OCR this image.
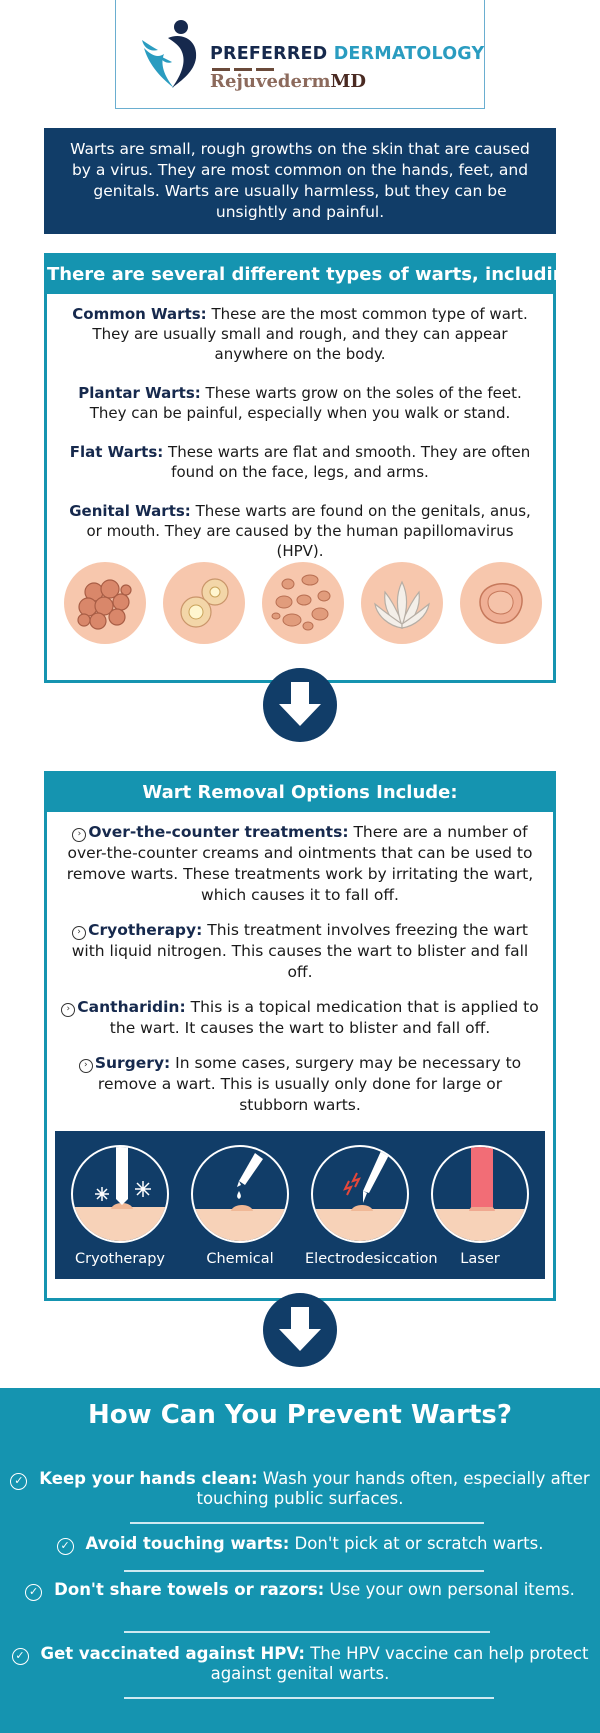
PREFERRED DERMATOLOGY
RejuvedermMD

Warts are small, rough growths on the skin that are caused by a virus. They are most common on the hands, feet, and genitals. Warts are usually harmless, but they can be unsightly and painful.

There are several different types of warts, including:
Common Warts: These are the most common type of wart. They are usually small and rough, and they can appear anywhere on the body.
Plantar Warts: These warts grow on the soles of the feet. They can be painful, especially when you walk or stand.
Flat Warts: These warts are flat and smooth. They are often found on the face, legs, and arms.
Genital Warts: These warts are found on the genitals, anus, or mouth. They are caused by the human papillomavirus (HPV).
Wart Removal Options Include:
› Over-the-counter treatments: There are a number of over-the-counter creams and ointments that can be used to remove warts. These treatments work by irritating the wart, which causes it to fall off.
› Cryotherapy: This treatment involves freezing the wart with liquid nitrogen. This causes the wart to blister and fall off.
› Cantharidin: This is a topical medication that is applied to the wart. It causes the wart to blister and fall off.
› Surgery: In some cases, surgery may be necessary to remove a wart. This is usually only done for large or stubborn warts.
Cryotherapy	Chemical	Electrodesiccation	Laser
How Can You Prevent Warts?
✓ Keep your hands clean: Wash your hands often, especially after touching public surfaces.
✓ Avoid touching warts: Don't pick at or scratch warts.
✓ Don't share towels or razors: Use your own personal items.
✓ Get vaccinated against HPV: The HPV vaccine can help protect against genital warts.
